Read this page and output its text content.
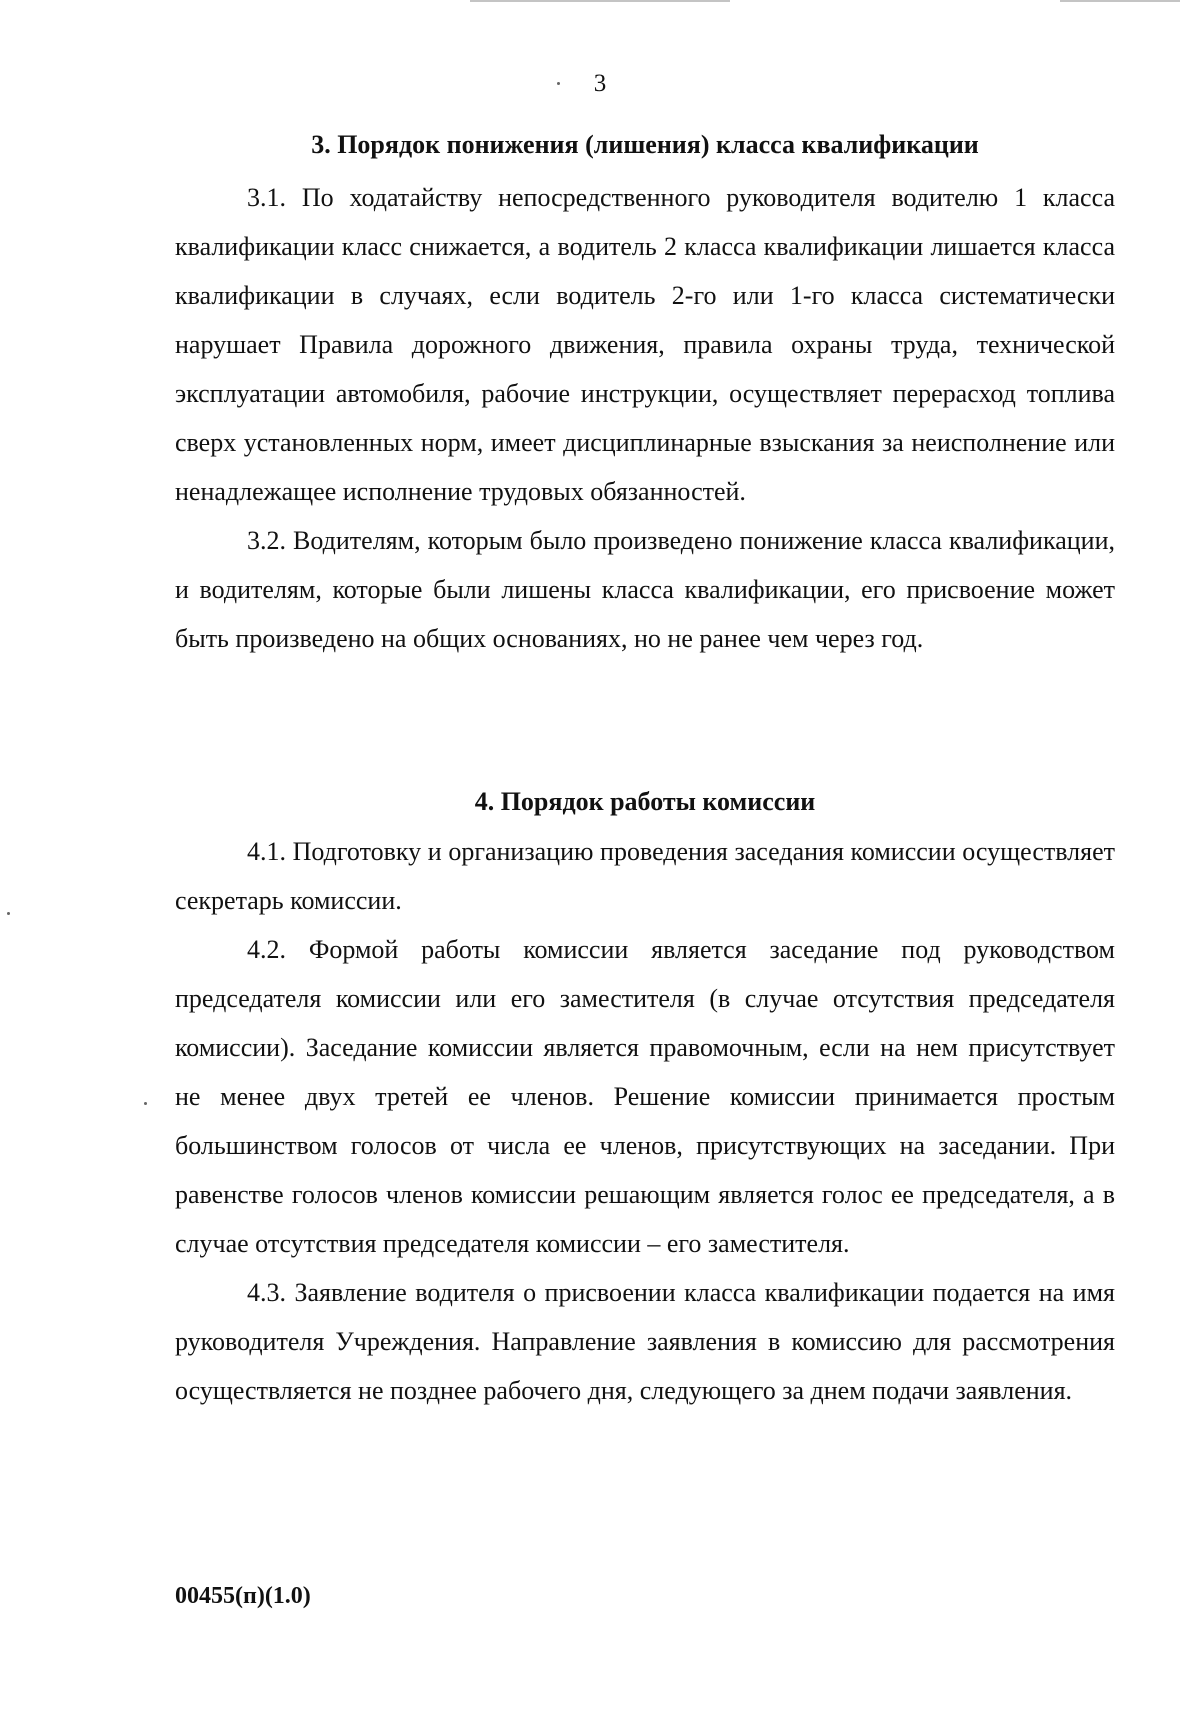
3
3. Порядок понижения (лишения) класса квалификации

3.1. По ходатайству непосредственного руководителя водителю 1 класса квалификации класс снижается, а водитель 2 класса квалификации лишается класса квалификации в случаях, если водитель 2-го или 1-го класса систематически нарушает Правила дорожного движения, правила охраны труда, технической эксплуатации автомобиля, рабочие инструкции, осуществляет перерасход топлива сверх установленных норм, имеет дисциплинарные взыскания за неисполнение или ненадлежащее исполнение трудовых обязанностей.

3.2. Водителям, которым было произведено понижение класса квалификации, и водителям, которые были лишены класса квалификации, его присвоение может быть произведено на общих основаниях, но не ранее чем через год.

4. Порядок работы комиссии

4.1. Подготовку и организацию проведения заседания комиссии осуществляет секретарь комиссии.

4.2. Формой работы комиссии является заседание под руководством председателя комиссии или его заместителя (в случае отсутствия председателя комиссии). Заседание комиссии является правомочным, если на нем присутствует не менее двух третей ее членов. Решение комиссии принимается простым большинством голосов от числа ее членов, присутствующих на заседании. При равенстве голосов членов комиссии решающим является голос ее председателя, а в случае отсутствия председателя комиссии – его заместителя.

4.3. Заявление водителя о присвоении класса квалификации подается на имя руководителя Учреждения. Направление заявления в комиссию для рассмотрения осуществляется не позднее рабочего дня, следующего за днем подачи заявления.

00455(п)(1.0)
